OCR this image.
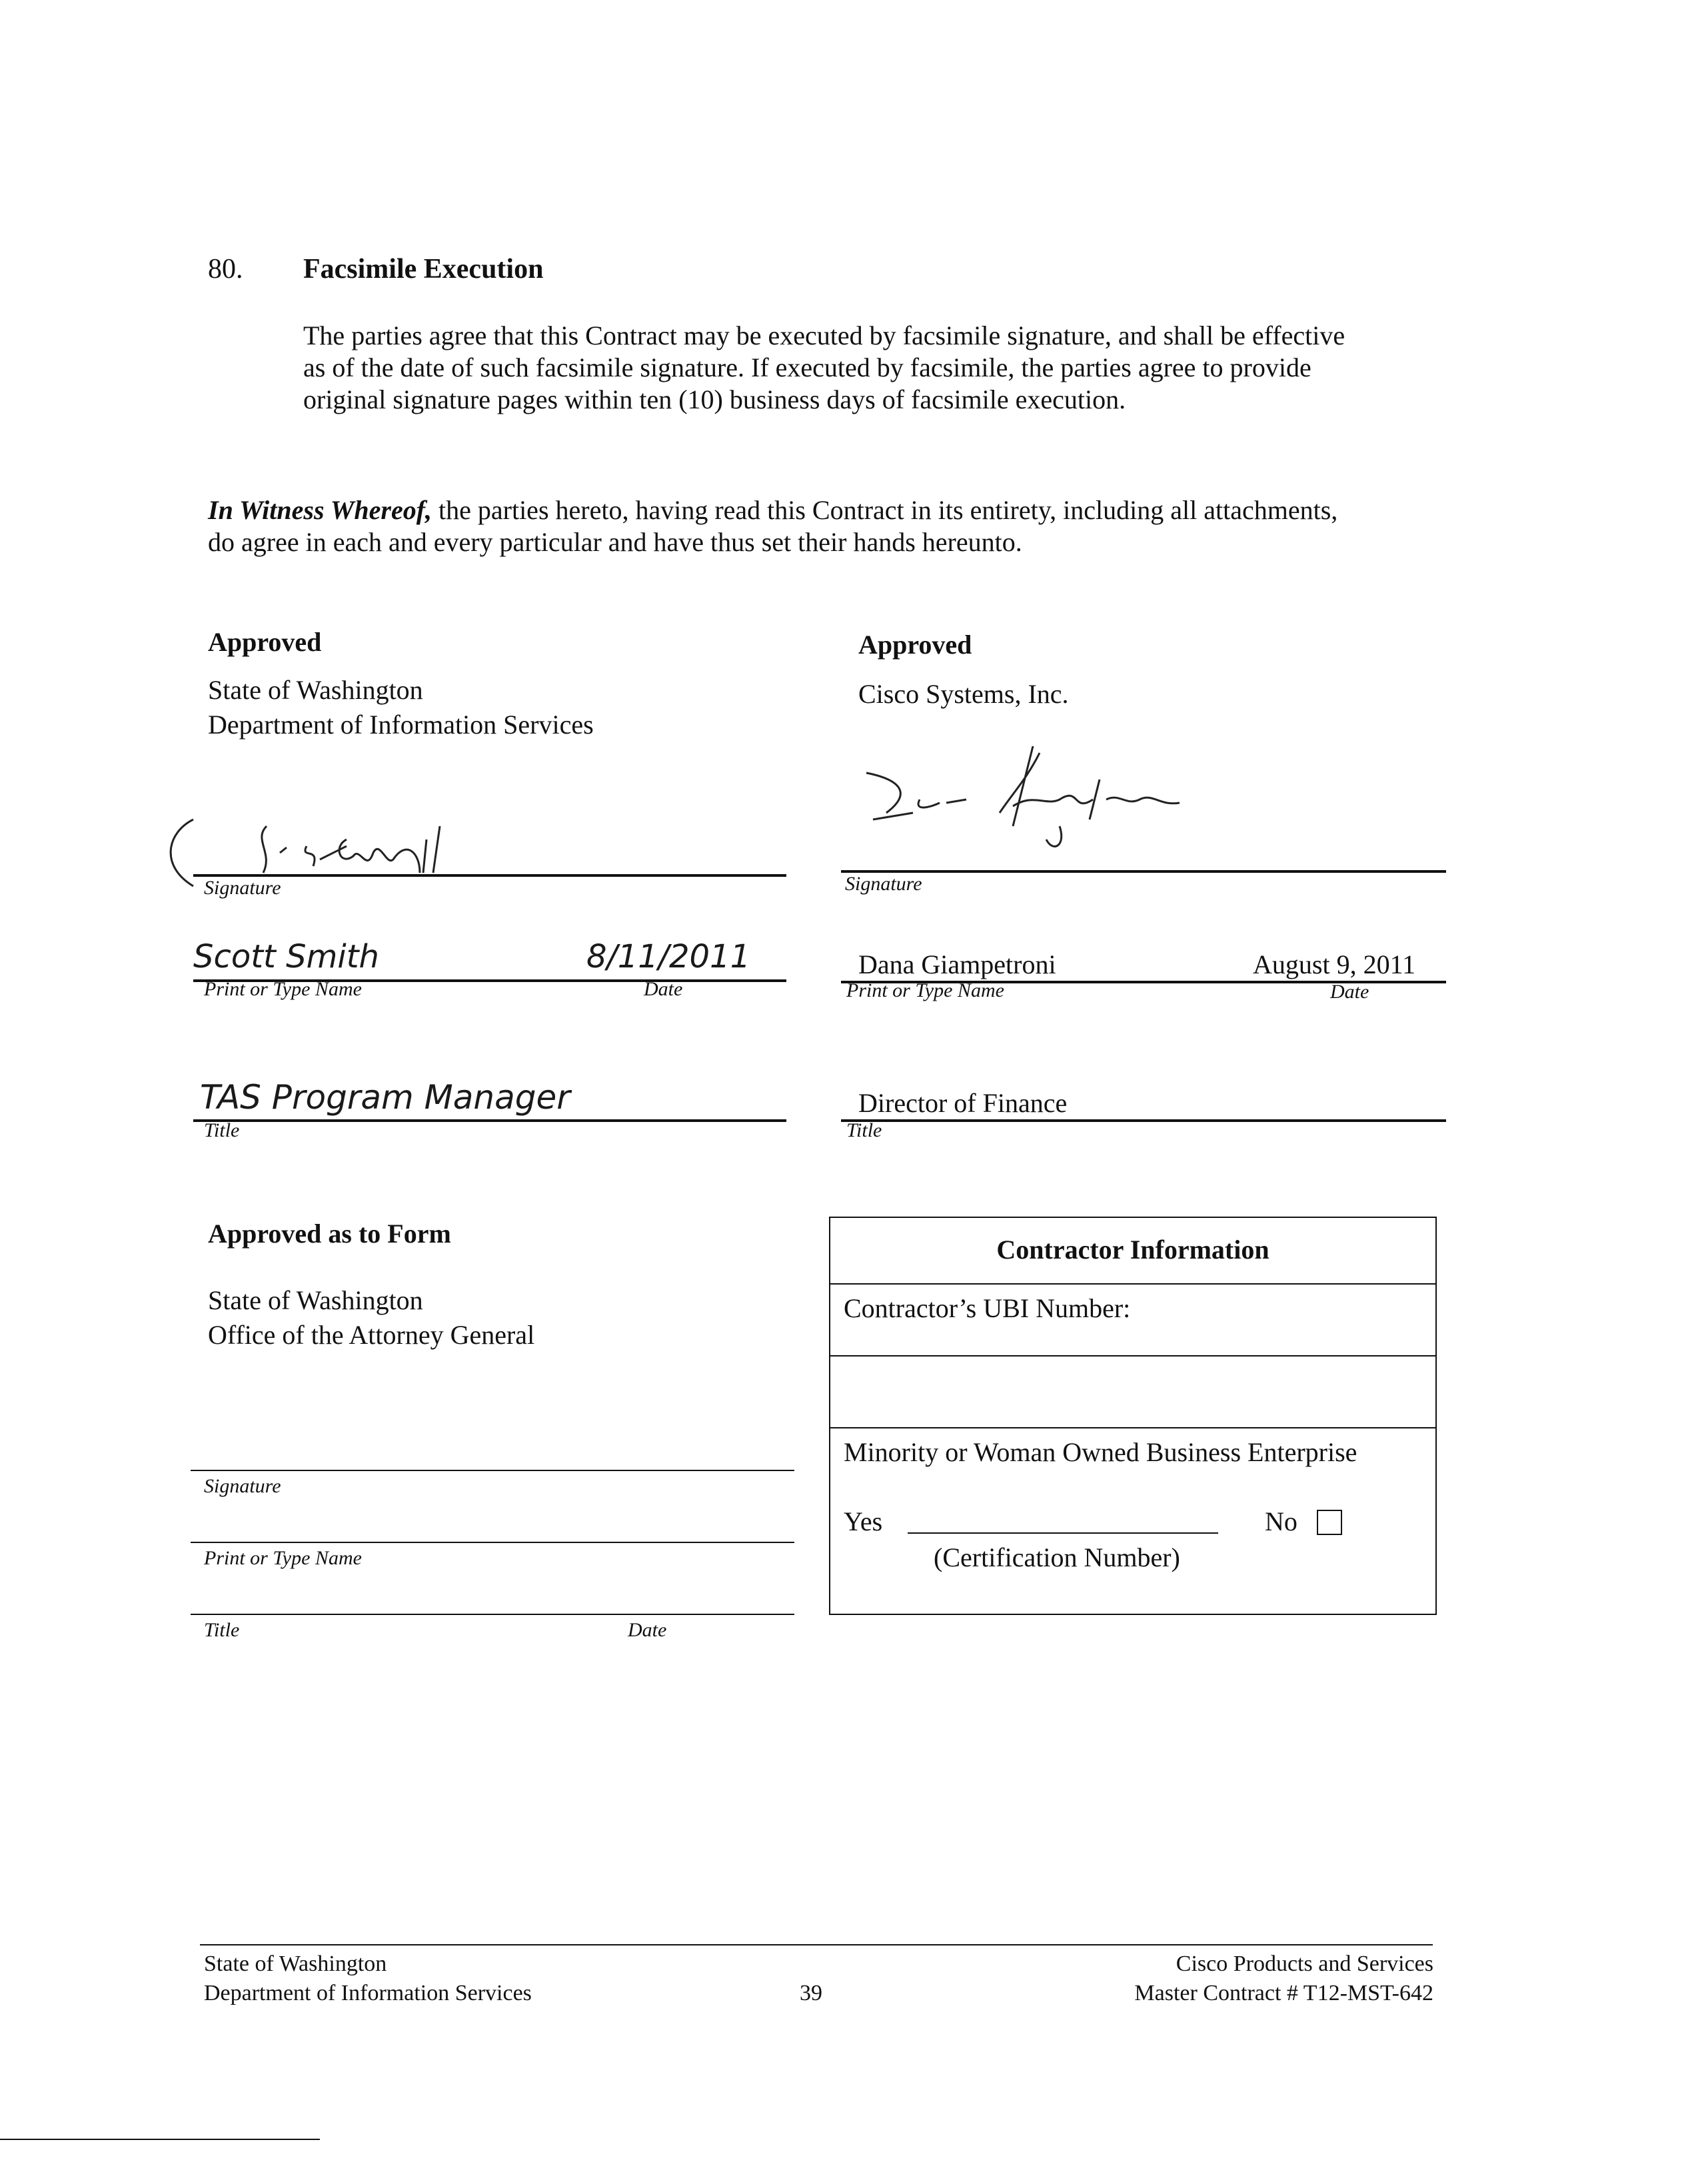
80. Facsimile Execution
The parties agree that this Contract may be executed by facsimile signature, and shall be effective
as of the date of such facsimile signature. If executed by facsimile, the parties agree to provide
original signature pages within ten (10) business days of facsimile execution.
In Witness Whereof, the parties hereto, having read this Contract in its entirety, including all attachments,
do agree in each and every particular and have thus set their hands hereunto.
Approved
State of Washington
Department of Information Services
Signature
Scott Smith	8/11/2011
Print or Type Name	Date
TAS Program Manager
Title
Approved
Cisco Systems, Inc.
Signature
Dana Giampetroni	August 9, 2011
Print or Type Name	Date
Director of Finance
Title
Approved as to Form
State of Washington
Office of the Attorney General
Signature
Print or Type Name
Title	Date
Contractor Information
Contractor’s UBI Number:
Minority or Woman Owned Business Enterprise
Yes
(Certification Number)
No
State of Washington
Department of Information Services	39
Cisco Products and Services
Master Contract # T12-MST-642
